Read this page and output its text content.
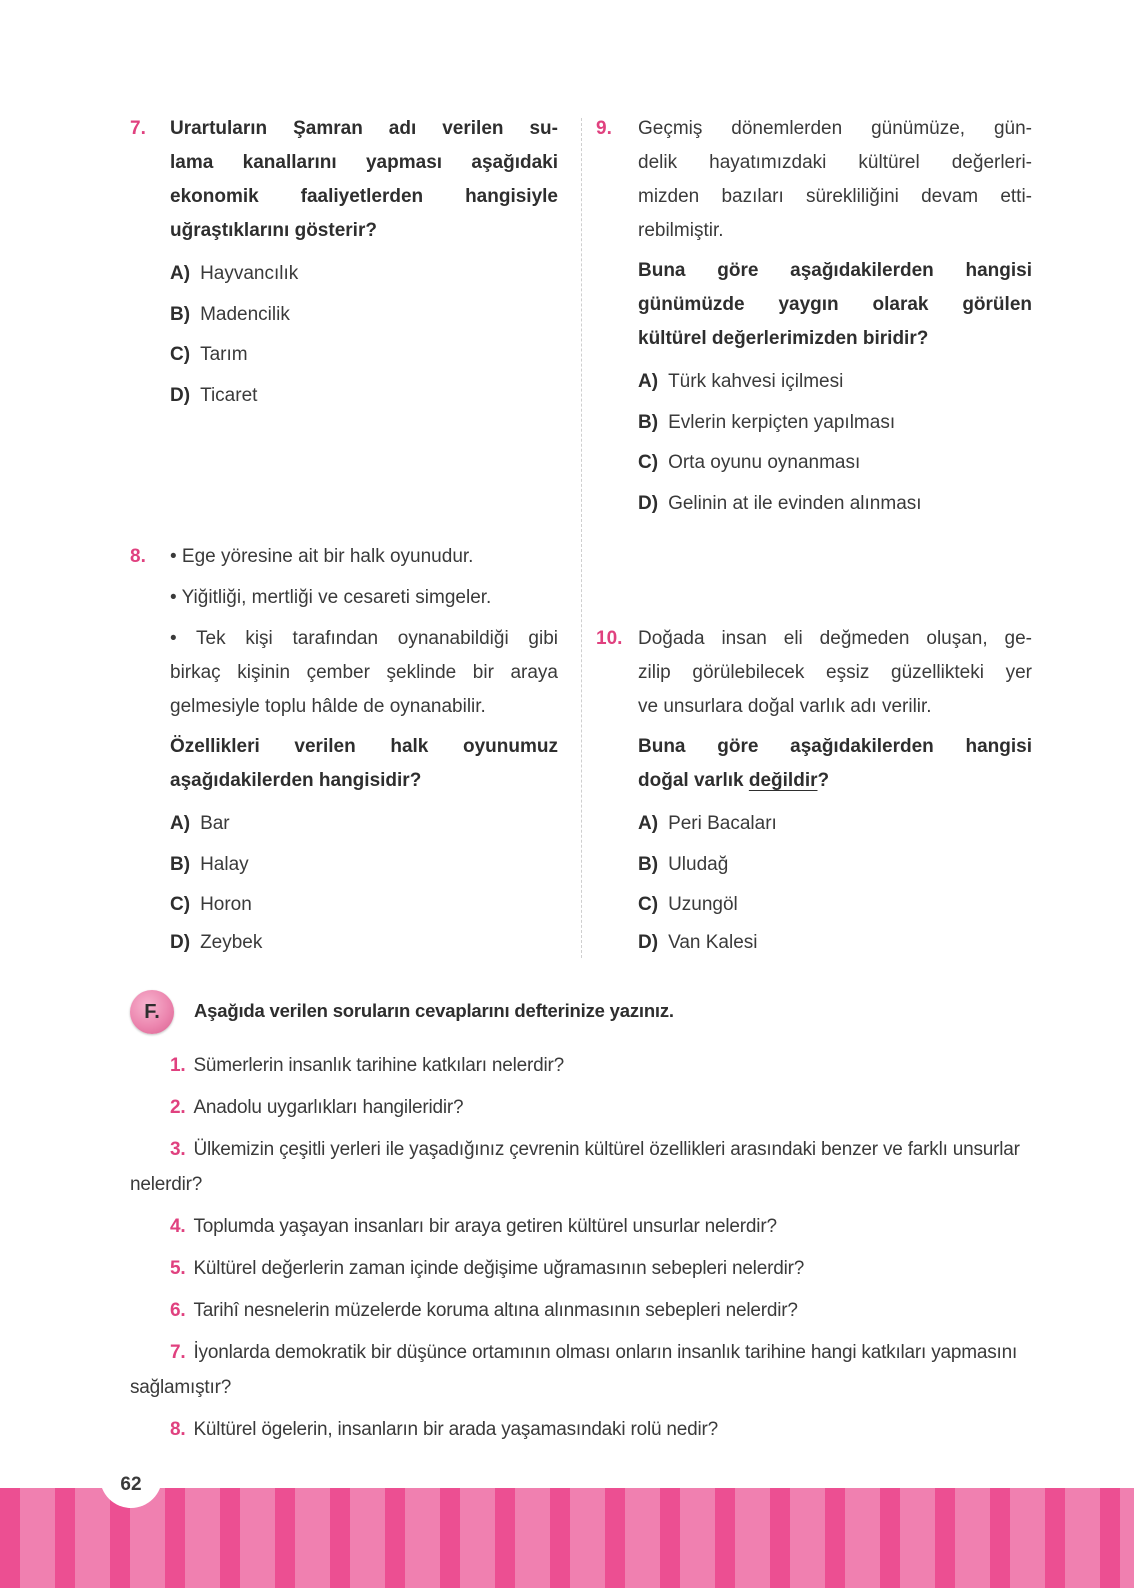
7. Urartuların Şamran adı verilen su-
lama kanallarını yapması aşağıdaki
ekonomik faaliyetlerden hangisiyle
uğraştıklarını gösterir?
A) Hayvancılık
B) Madencilik
C) Tarım
D) Ticaret
8. • Ege yöresine ait bir halk oyunudur.
• Yiğitliği, mertliği ve cesareti simgeler.
• Tek kişi tarafından oynanabildiği gibi
birkaç kişinin çember şeklinde bir araya
gelmesiyle toplu hâlde de oynanabilir.
Özellikleri verilen halk oyunumuz
aşağıdakilerden hangisidir?
A) Bar
B) Halay
C) Horon
D) Zeybek
9. Geçmiş dönemlerden günümüze, gün-
delik hayatımızdaki kültürel değerleri-
mizden bazıları sürekliliğini devam etti-
rebilmiştir.
Buna göre aşağıdakilerden hangisi
günümüzde yaygın olarak görülen
kültürel değerlerimizden biridir?
A) Türk kahvesi içilmesi
B) Evlerin kerpiçten yapılması
C) Orta oyunu oynanması
D) Gelinin at ile evinden alınması
10. Doğada insan eli değmeden oluşan, ge-
zilip görülebilecek eşsiz güzellikteki yer
ve unsurlara doğal varlık adı verilir.
Buna göre aşağıdakilerden hangisi
doğal varlık değildir?
A) Peri Bacaları
B) Uludağ
C) Uzungöl
D) Van Kalesi
F.	Aşağıda verilen soruların cevaplarını defterinize yazınız.
1. Sümerlerin insanlık tarihine katkıları nelerdir?
2. Anadolu uygarlıkları hangileridir?
3. Ülkemizin çeşitli yerleri ile yaşadığınız çevrenin kültürel özellikleri arasındaki benzer ve farklı unsurlar nelerdir?
4. Toplumda yaşayan insanları bir araya getiren kültürel unsurlar nelerdir?
5. Kültürel değerlerin zaman içinde değişime uğramasının sebepleri nelerdir?
6. Tarihî nesnelerin müzelerde koruma altına alınmasının sebepleri nelerdir?
7. İyonlarda demokratik bir düşünce ortamının olması onların insanlık tarihine hangi katkıları yapmasını sağlamıştır?
8. Kültürel ögelerin, insanların bir arada yaşamasındaki rolü nedir?
62
